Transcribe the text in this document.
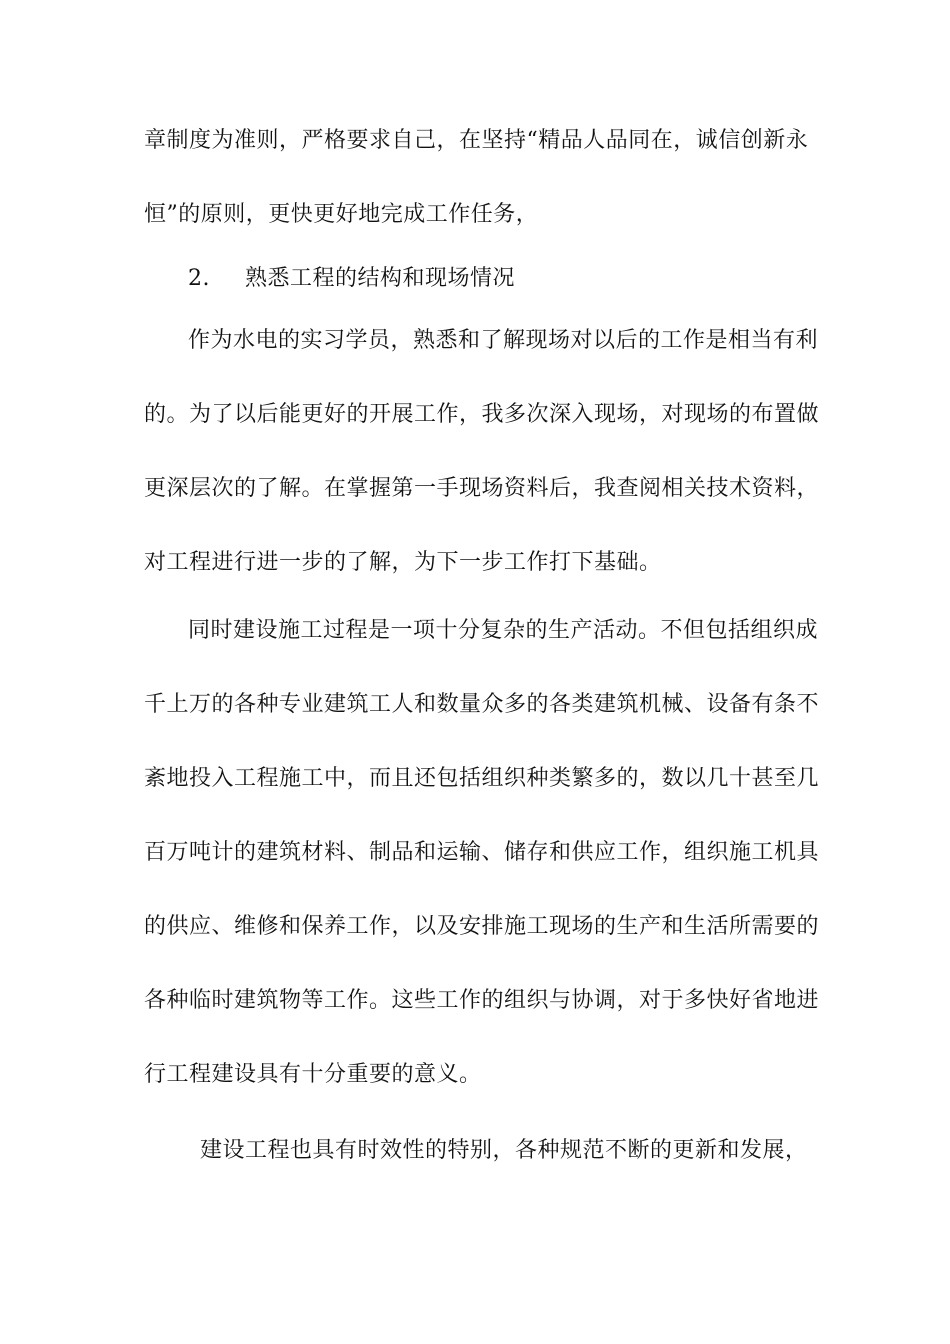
章制度为准则，严格要求自己，在坚持“精品人品同在，诚信创新永
恒”的原则，更快更好地完成工作任务，
2. 熟悉工程的结构和现场情况
作为水电的实习学员，熟悉和了解现场对以后的工作是相当有利
的。为了以后能更好的开展工作，我多次深入现场，对现场的布置做
更深层次的了解。在掌握第一手现场资料后，我查阅相关技术资料，
对工程进行进一步的了解，为下一步工作打下基础。
同时建设施工过程是一项十分复杂的生产活动。不但包括组织成
千上万的各种专业建筑工人和数量众多的各类建筑机械、设备有条不
紊地投入工程施工中，而且还包括组织种类繁多的，数以几十甚至几
百万吨计的建筑材料、制品和运输、储存和供应工作，组织施工机具
的供应、维修和保养工作，以及安排施工现场的生产和生活所需要的
各种临时建筑物等工作。这些工作的组织与协调，对于多快好省地进
行工程建设具有十分重要的意义。
建设工程也具有时效性的特别，各种规范不断的更新和发展，
